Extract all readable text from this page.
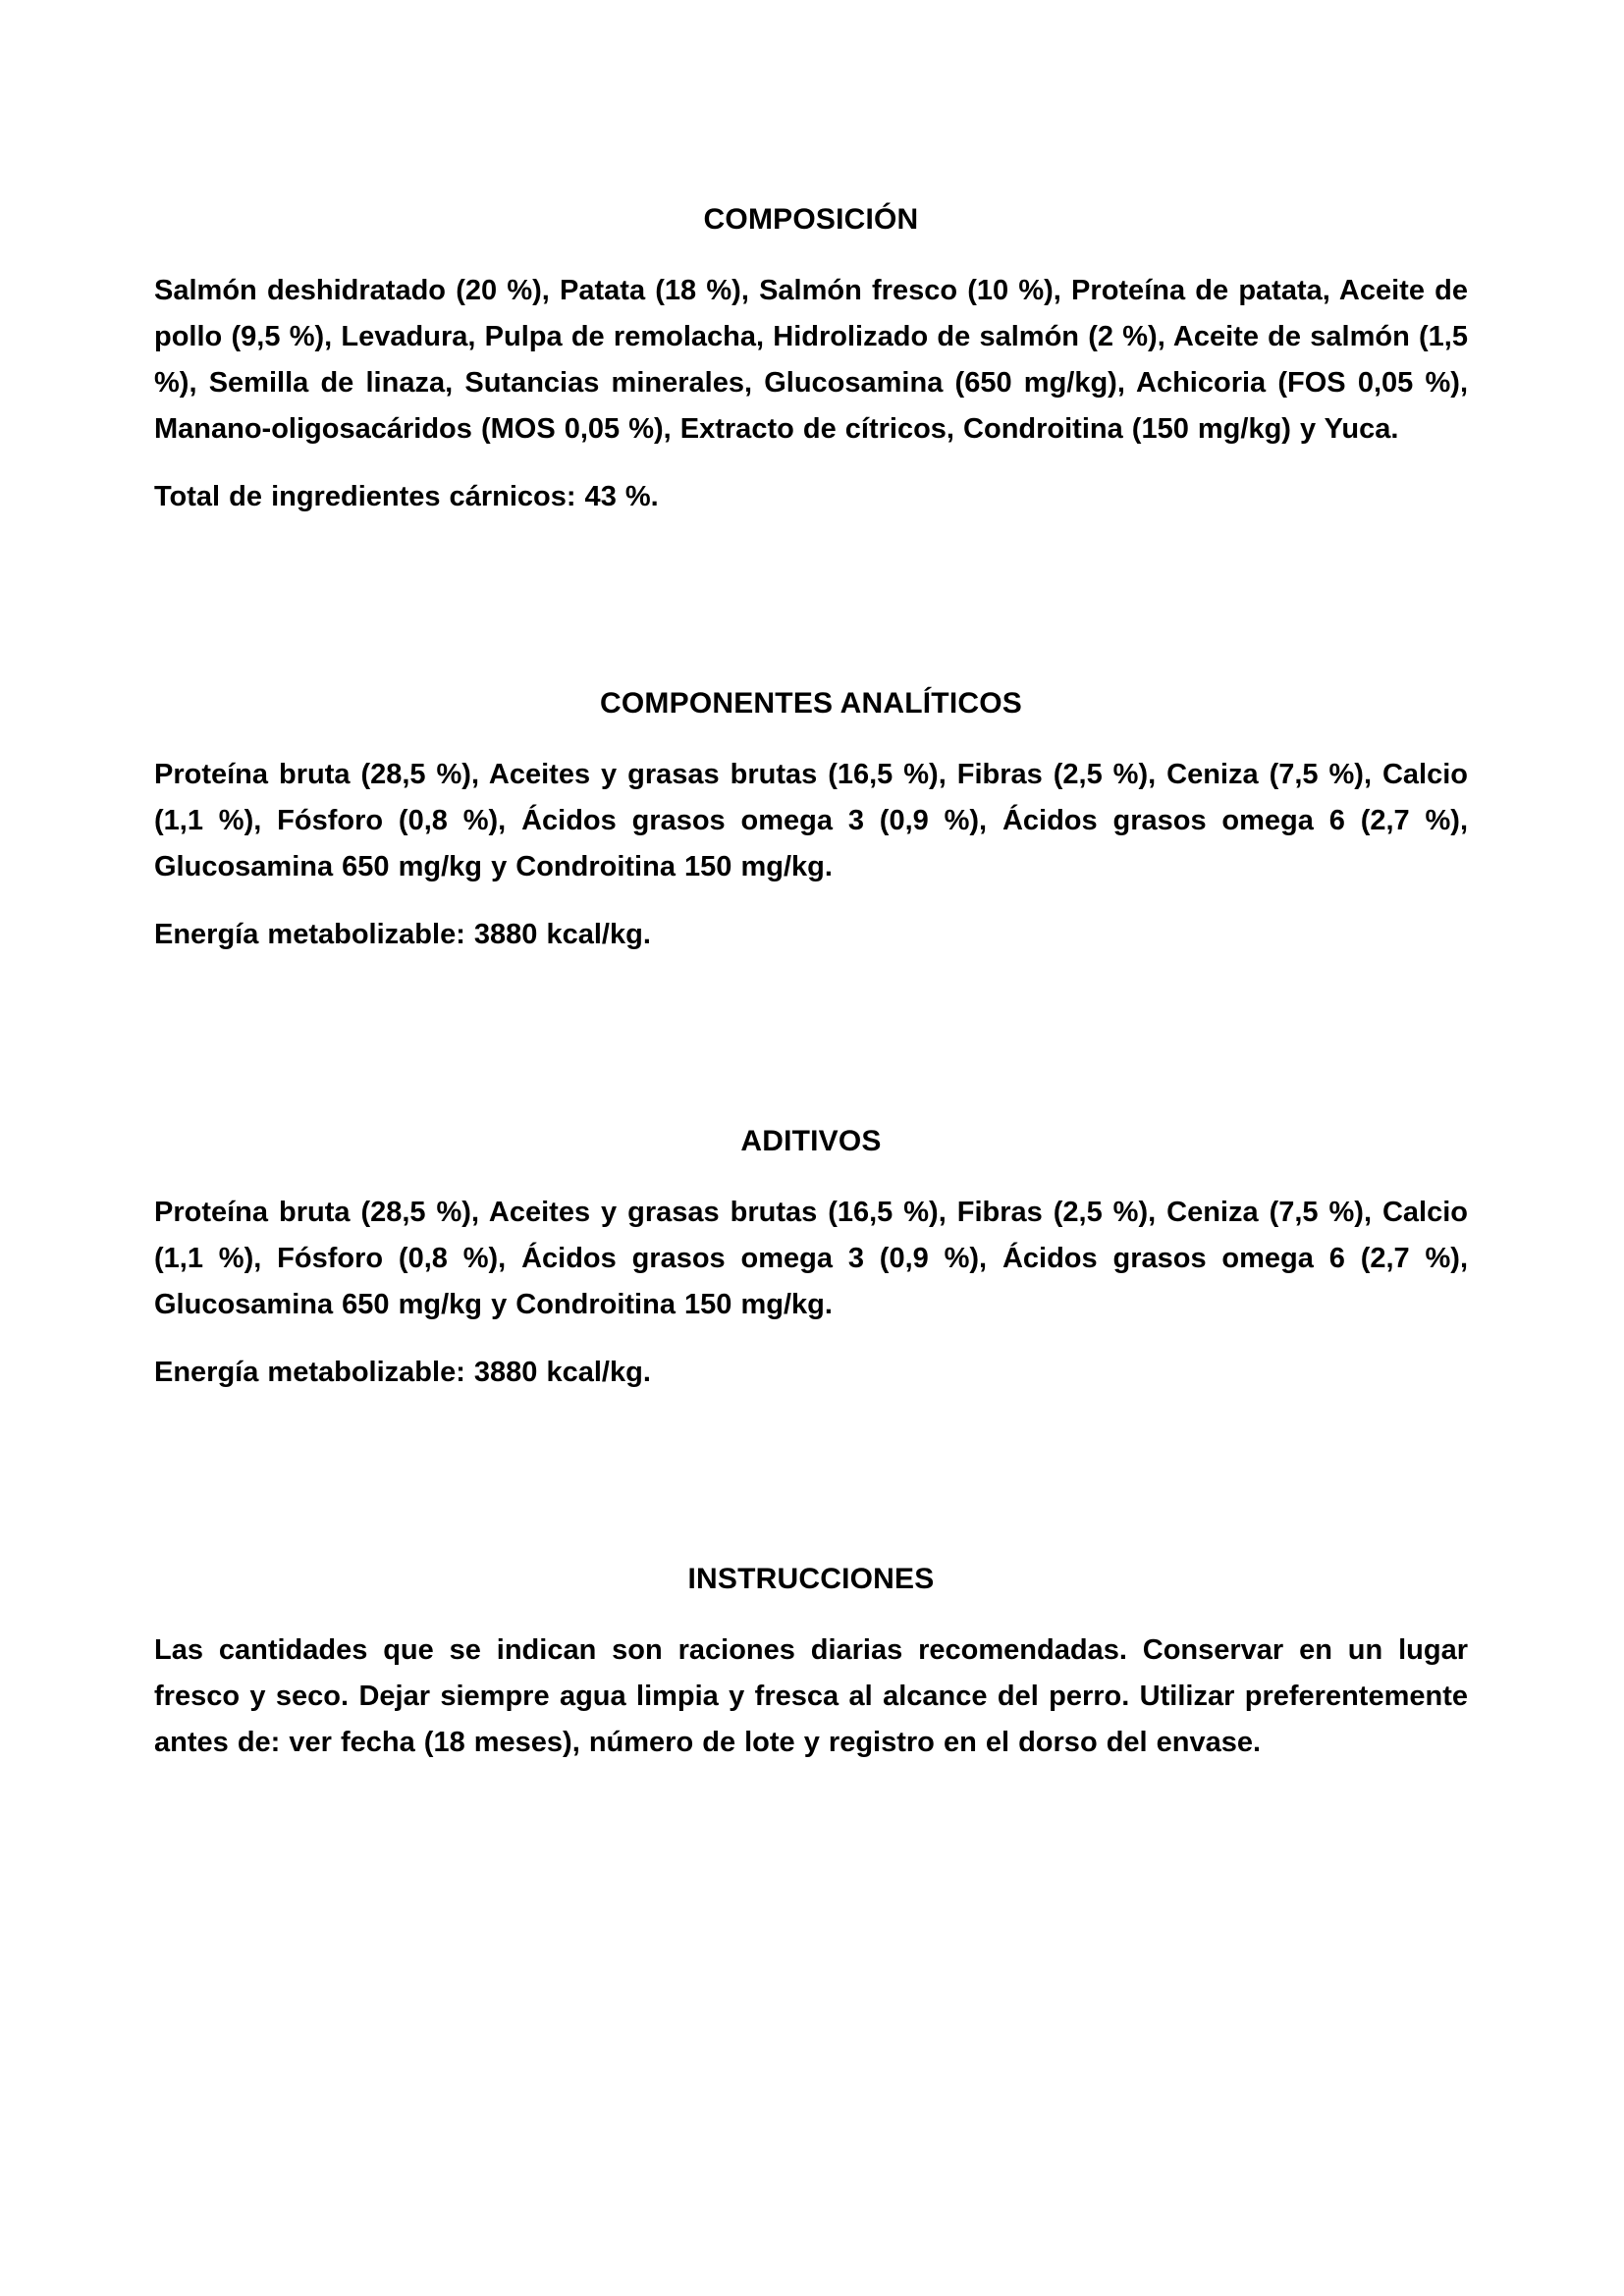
COMPOSICIÓN

Salmón deshidratado (20 %), Patata (18 %), Salmón fresco (10 %), Proteína de patata, Aceite de pollo (9,5 %), Levadura, Pulpa de remolacha, Hidrolizado de salmón (2 %), Aceite de salmón (1,5 %), Semilla de linaza, Sutancias minerales, Glucosamina (650 mg/kg), Achicoria (FOS 0,05 %), Manano-oligosacáridos (MOS 0,05 %), Extracto de cítricos, Condroitina (150 mg/kg) y Yuca.

Total de ingredientes cárnicos: 43 %.

COMPONENTES ANALÍTICOS

Proteína bruta (28,5 %), Aceites y grasas brutas (16,5 %), Fibras (2,5 %), Ceniza (7,5 %), Calcio (1,1 %), Fósforo (0,8 %), Ácidos grasos omega 3 (0,9 %), Ácidos grasos omega 6 (2,7 %), Glucosamina 650 mg/kg y Condroitina 150 mg/kg.

Energía metabolizable: 3880 kcal/kg.

ADITIVOS

Proteína bruta (28,5 %), Aceites y grasas brutas (16,5 %), Fibras (2,5 %), Ceniza (7,5 %), Calcio (1,1 %), Fósforo (0,8 %), Ácidos grasos omega 3 (0,9 %), Ácidos grasos omega 6 (2,7 %), Glucosamina 650 mg/kg y Condroitina 150 mg/kg.

Energía metabolizable: 3880 kcal/kg.

INSTRUCCIONES

Las cantidades que se indican son raciones diarias recomendadas. Conservar en un lugar fresco y seco. Dejar siempre agua limpia y fresca al alcance del perro. Utilizar preferentemente antes de: ver fecha (18 meses), número de lote y registro en el dorso del envase.
